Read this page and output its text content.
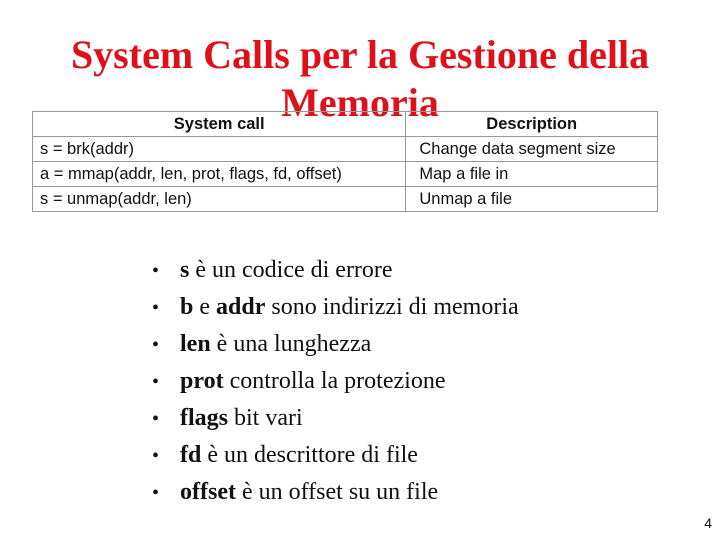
System Calls per la Gestione della
Memoria
System call	Description
s = brk(addr)	Change data segment size
a = mmap(addr, len, prot, flags, fd, offset)	Map a file in
s = unmap(addr, len)	Unmap a file
• s è un codice di errore
• b e addr sono indirizzi di memoria
• len è una lunghezza
• prot controlla la protezione
• flags bit vari
• fd è un descrittore di file
• offset è un offset su un file
4
